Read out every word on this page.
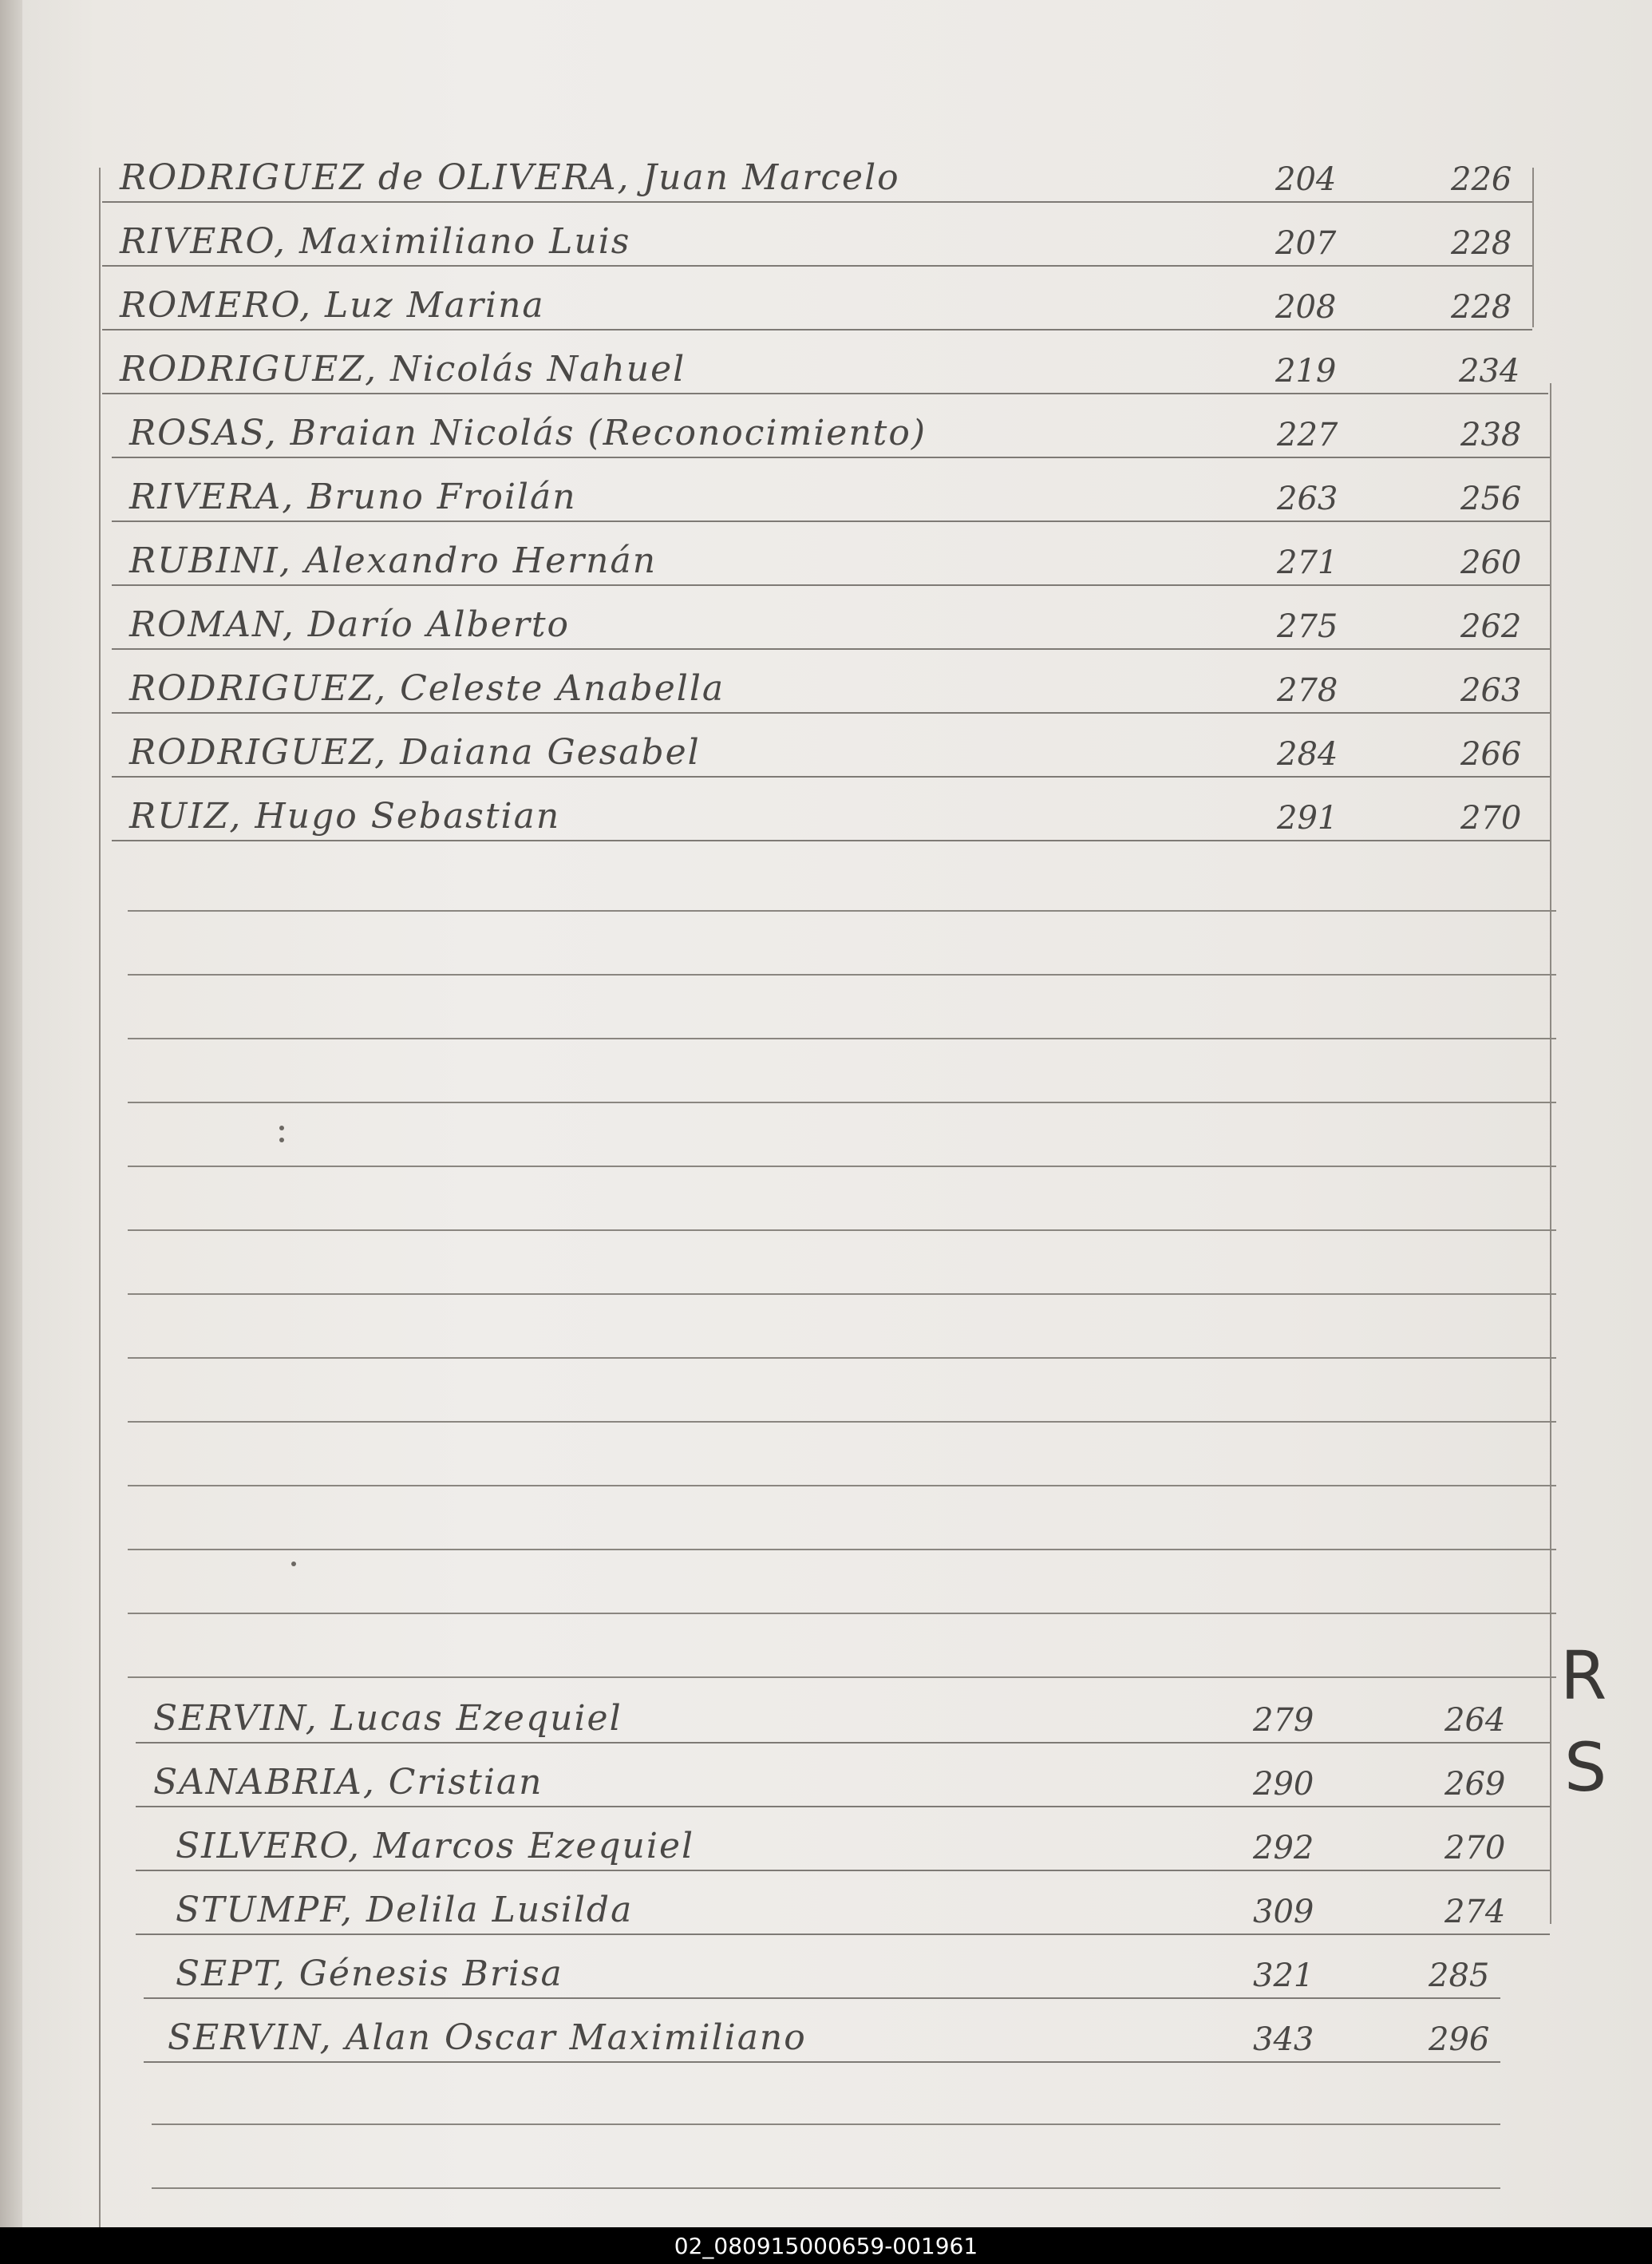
RODRIGUEZ de OLIVERA, Juan Marcelo	204	226
RIVERO, Maximiliano Luis	207	228
ROMERO, Luz Marina	208	228
RODRIGUEZ, Nicolás Nahuel	219	234
ROSAS, Braian Nicolás (Reconocimiento)	227	238
RIVERA, Bruno Froilán	263	256
RUBINI, Alexandro Hernán	271	260
ROMAN, Darío Alberto	275	262
RODRIGUEZ, Celeste Anabella	278	263
RODRIGUEZ, Daiana Gesabel	284	266
RUIZ, Hugo Sebastian	291	270
SERVIN, Lucas Ezequiel	279	264
SANABRIA, Cristian	290	269
SILVERO, Marcos Ezequiel	292	270
STUMPF, Delila Lusilda	309	274
SEPT, Génesis Brisa	321	285
SERVIN, Alan Oscar Maximiliano	343	296
R
S
02_080915000659-001961
